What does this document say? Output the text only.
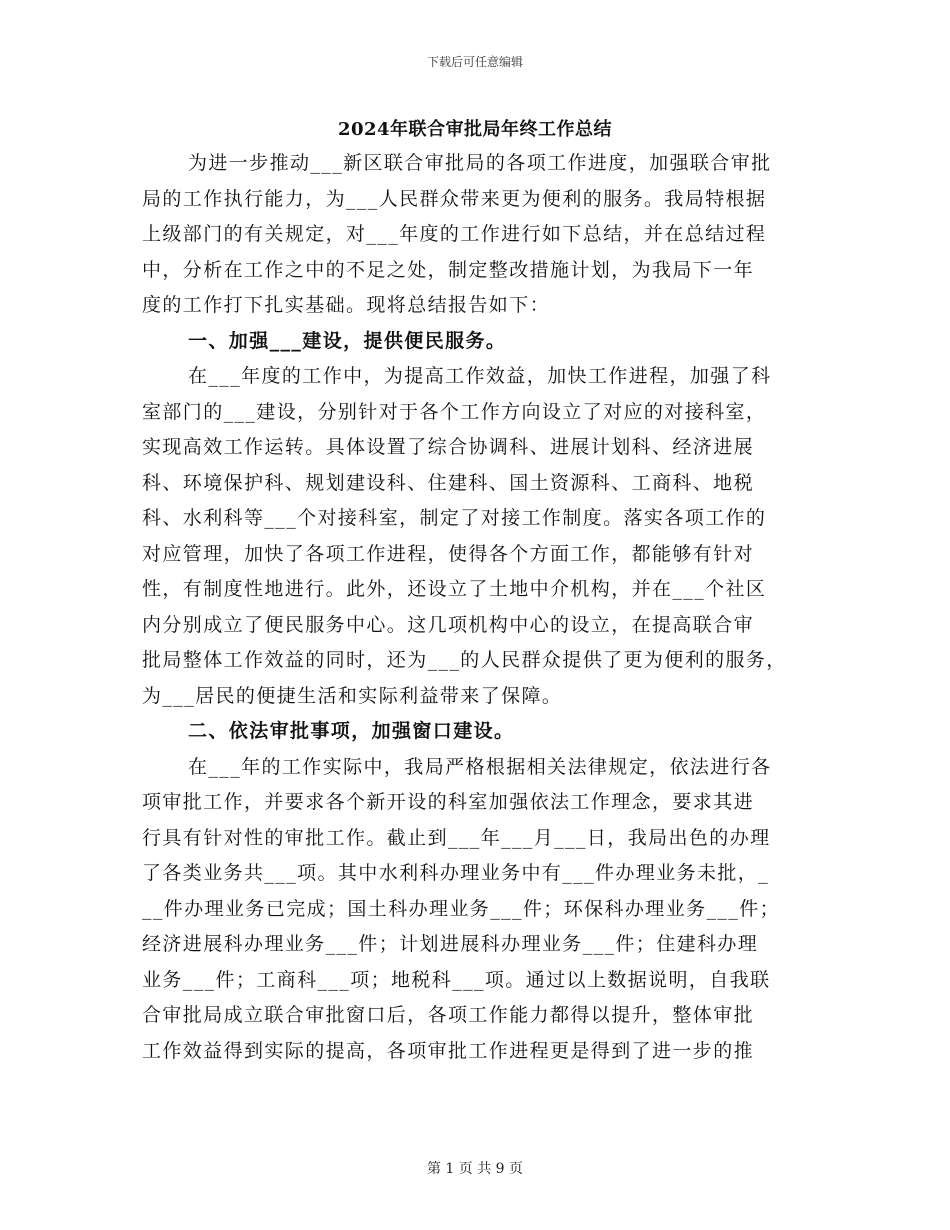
下载后可任意编辑
2024年联合审批局年终工作总结
为进一步推动___新区联合审批局的各项工作进度，加强联合审批
局的工作执行能力，为___人民群众带来更为便利的服务。我局特根据
上级部门的有关规定，对___年度的工作进行如下总结，并在总结过程
中，分析在工作之中的不足之处，制定整改措施计划，为我局下一年
度的工作打下扎实基础。现将总结报告如下：
一、加强___建设，提供便民服务。
在___年度的工作中，为提高工作效益，加快工作进程，加强了科
室部门的___建设，分别针对于各个工作方向设立了对应的对接科室，
实现高效工作运转。具体设置了综合协调科、进展计划科、经济进展
科、环境保护科、规划建设科、住建科、国土资源科、工商科、地税
科、水利科等___个对接科室，制定了对接工作制度。落实各项工作的
对应管理，加快了各项工作进程，使得各个方面工作，都能够有针对
性，有制度性地进行。此外，还设立了土地中介机构，并在___个社区
内分别成立了便民服务中心。这几项机构中心的设立，在提高联合审
批局整体工作效益的同时，还为___的人民群众提供了更为便利的服务，
为___居民的便捷生活和实际利益带来了保障。
二、依法审批事项，加强窗口建设。
在___年的工作实际中，我局严格根据相关法律规定，依法进行各
项审批工作，并要求各个新开设的科室加强依法工作理念，要求其进
行具有针对性的审批工作。截止到___年___月___日，我局出色的办理
了各类业务共___项。其中水利科办理业务中有___件办理业务未批，_
__件办理业务已完成；国土科办理业务___件；环保科办理业务___件；
经济进展科办理业务___件；计划进展科办理业务___件；住建科办理
业务___件；工商科___项；地税科___项。通过以上数据说明，自我联
合审批局成立联合审批窗口后，各项工作能力都得以提升，整体审批
工作效益得到实际的提高，各项审批工作进程更是得到了进一步的推
第 1 页 共 9 页
